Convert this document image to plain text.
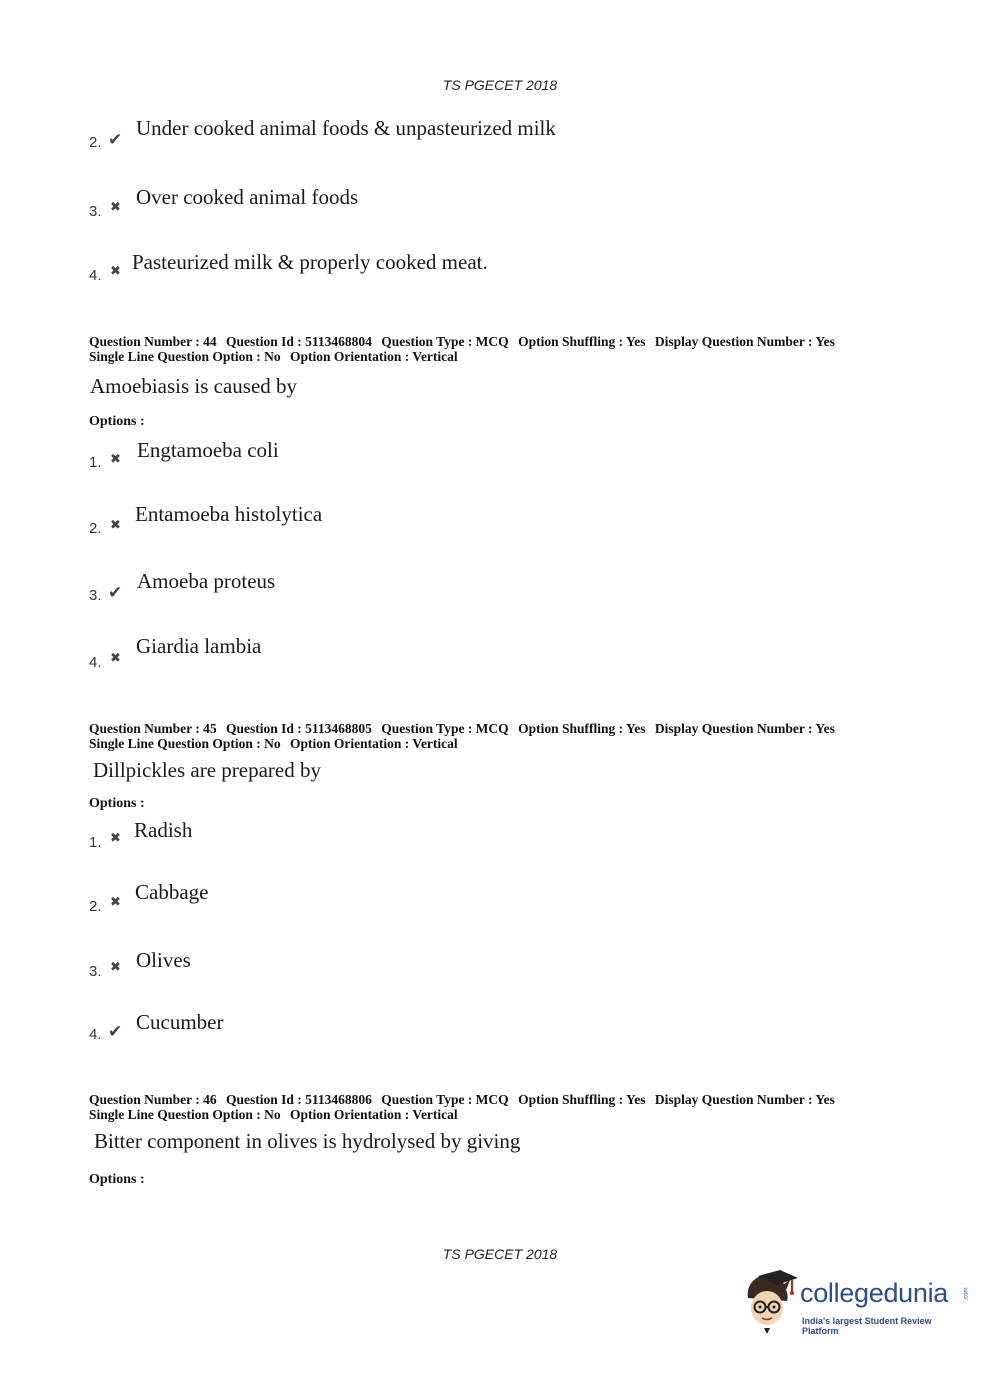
TS PGECET 2018
2. ✔ Under cooked animal foods & unpasteurized milk
3. ✖ Over cooked animal foods
4. ✖ Pasteurized milk & properly cooked meat.
Question Number : 44 Question Id : 5113468804 Question Type : MCQ Option Shuffling : Yes Display Question Number : Yes
Single Line Question Option : No Option Orientation : Vertical
Amoebiasis is caused by
Options :
1. ✖ Engtamoeba coli
2. ✖ Entamoeba histolytica
3. ✔ Amoeba proteus
4. ✖
Giardia lambia
Question Number : 45 Question Id : 5113468805 Question Type : MCQ Option Shuffling : Yes Display Question Number : Yes
Single Line Question Option : No Option Orientation : Vertical
Dillpickles are prepared by
Options :
1. ✖ Radish
2. ✖ Cabbage
3. ✖ Olives
4. ✔ Cucumber
Question Number : 46 Question Id : 5113468806 Question Type : MCQ Option Shuffling : Yes Display Question Number : Yes
Single Line Question Option : No Option Orientation : Vertical
Bitter component in olives is hydrolysed by giving
Options :
TS PGECET 2018
collegedunia	.com
India's largest Student Review Platform
